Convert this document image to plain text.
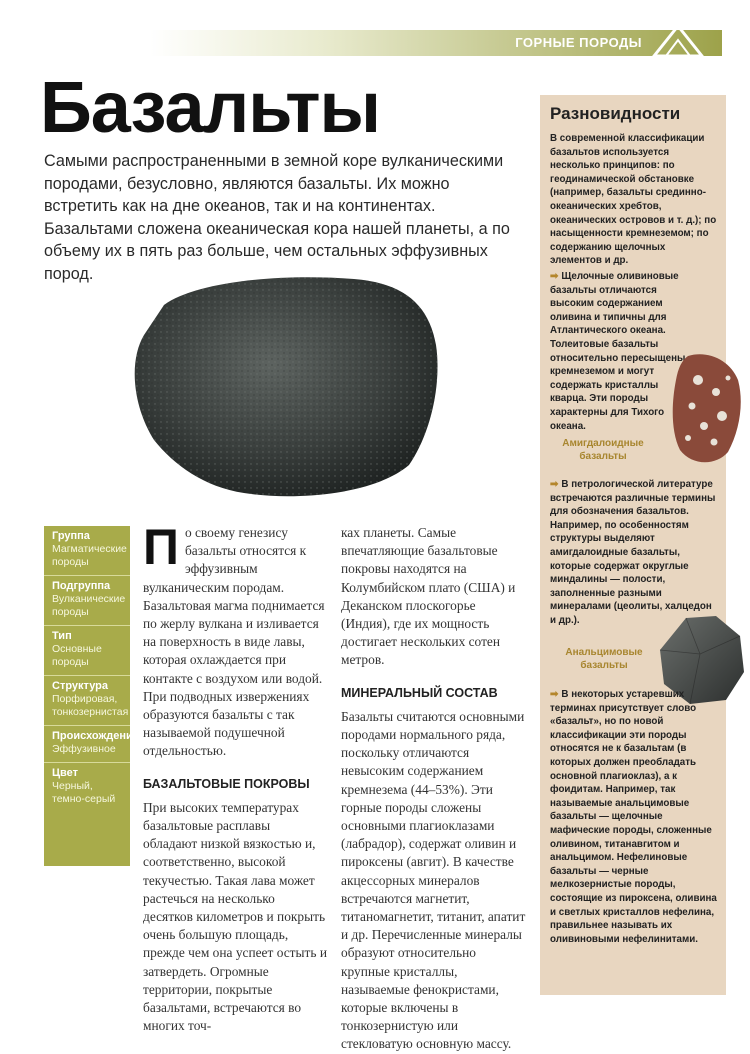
ГОРНЫЕ ПОРОДЫ
Базальты
Самыми распространенными в земной коре вулканическими породами, безусловно, являются базальты. Их можно встретить как на дне океанов, так и на континентах. Базальтами сложена океаническая кора нашей планеты, а по объему их в пять раз больше, чем остальных эффузивных пород.
Группа
Магматические породы
Подгруппа
Вулканические породы
Тип
Основные породы
Структура
Порфировая, тонкозернистая
Происхождение
Эффузивное
Цвет
Черный, темно-серый
П о своему генезису базальты относятся к эффузивным вулканическим породам. Базальтовая магма поднимается по жерлу вулкана и изливается на поверхность в виде лавы, которая охлаждается при контакте с воздухом или водой. При подводных извержениях образуются базальты с так называемой подушечной отдельностью.

БАЗАЛЬТОВЫЕ ПОКРОВЫ

При высоких температурах базальтовые расплавы обладают низкой вязкостью и, соответственно, высокой текучестью. Такая лава может растечься на несколько десятков километров и покрыть очень большую площадь, прежде чем она успеет остыть и затвердеть. Огромные территории, покрытые базальтами, встречаются во многих точ-

ках планеты. Самые впечатляющие базальтовые покровы находятся на Колумбийском плато (США) и Деканском плоскогорье (Индия), где их мощность достигает нескольких сотен метров.

МИНЕРАЛЬНЫЙ СОСТАВ

Базальты считаются основными породами нормального ряда, поскольку отличаются невысоким содержанием кремнезема (44–53%). Эти горные породы сложены основными плагиоклазами (лабрадор), содержат оливин и пироксены (авгит). В качестве акцессорных минералов встречаются магнетит, титаномагнетит, титанит, апатит и др. Перечисленные минералы образуют относительно крупные кристаллы, называемые фенокристами, которые включены в тонкозернистую или стекловатую основную массу.

Разновидности

В современной классификации базальтов используется несколько принципов: по геодинамической обстановке (например, базальты срединно-океанических хребтов, океанических островов и т. д.); по насыщенности кремнеземом; по содержанию щелочных элементов и др.

➡ Щелочные оливиновые базальты отличаются высоким содержанием оливина и типичны для Атлантического океана. Толеитовые базальты относительно пересыщены кремнеземом и могут содержать кристаллы кварца. Эти породы характерны для Тихого океана.

Амигдалоидные базальты

➡ В петрологической литературе встречаются различные термины для обозначения базальтов. Например, по особенностям структуры выделяют амигдалоидные базальты, которые содержат округлые миндалины — полости, заполненные разными минералами (цеолиты, халцедон и др.).

Анальцимовые базальты

➡ В некоторых устаревших терминах присутствует слово «базальт», но по новой классификации эти породы относятся не к базальтам (в которых должен преобладать основной плагиоклаз), а к фоидитам. Например, так называемые анальцимовые базальты — щелочные мафические породы, сложенные оливином, титанавгитом и анальцимом. Нефелиновые базальты — черные мелкозернистые породы, состоящие из пироксена, оливина и светлых кристаллов нефелина, правильнее называть их оливиновыми нефелинитами.
